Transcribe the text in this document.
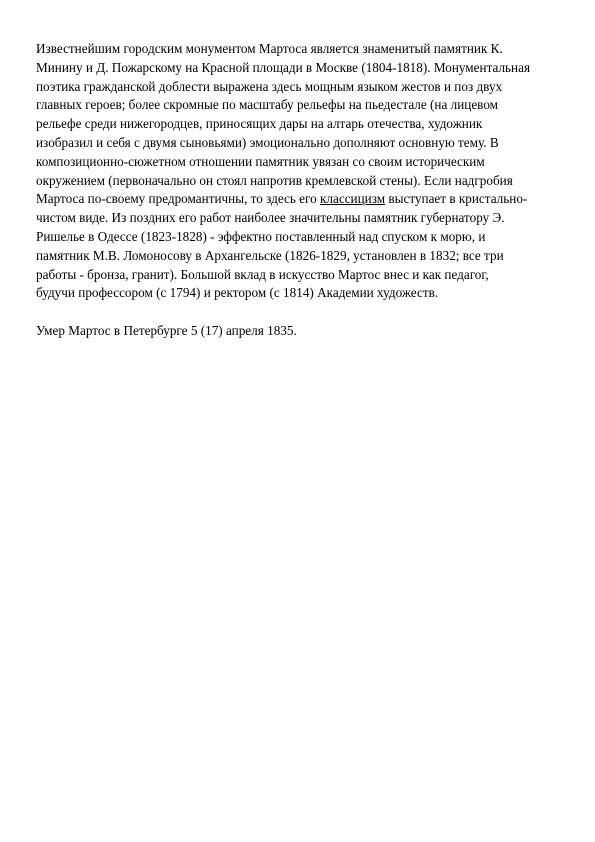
Известнейшим городским монументом Мартоса является знаменитый памятник К.
Минину и Д. Пожарскому на Красной площади в Москве (1804-1818). Монументальная
поэтика гражданской доблести выражена здесь мощным языком жестов и поз двух
главных героев; более скромные по масштабу рельефы на пьедестале (на лицевом
рельефе среди нижегородцев, приносящих дары на алтарь отечества, художник
изобразил и себя с двумя сыновьями) эмоционально дополняют основную тему. В
композиционно-сюжетном отношении памятник увязан со своим историческим
окружением (первоначально он стоял напротив кремлевской стены). Если надгробия
Мартоса по-своему предромантичны, то здесь его классицизм выступает в кристально-
чистом виде. Из поздних его работ наиболее значительны памятник губернатору Э.
Ришелье в Одессе (1823-1828) - эффектно поставленный над спуском к морю, и
памятник М.В. Ломоносову в Архангельске (1826-1829, установлен в 1832; все три
работы - бронза, гранит). Большой вклад в искусство Мартос внес и как педагог,
будучи профессором (с 1794) и ректором (с 1814) Академии художеств.
Умер Мартос в Петербурге 5 (17) апреля 1835.
